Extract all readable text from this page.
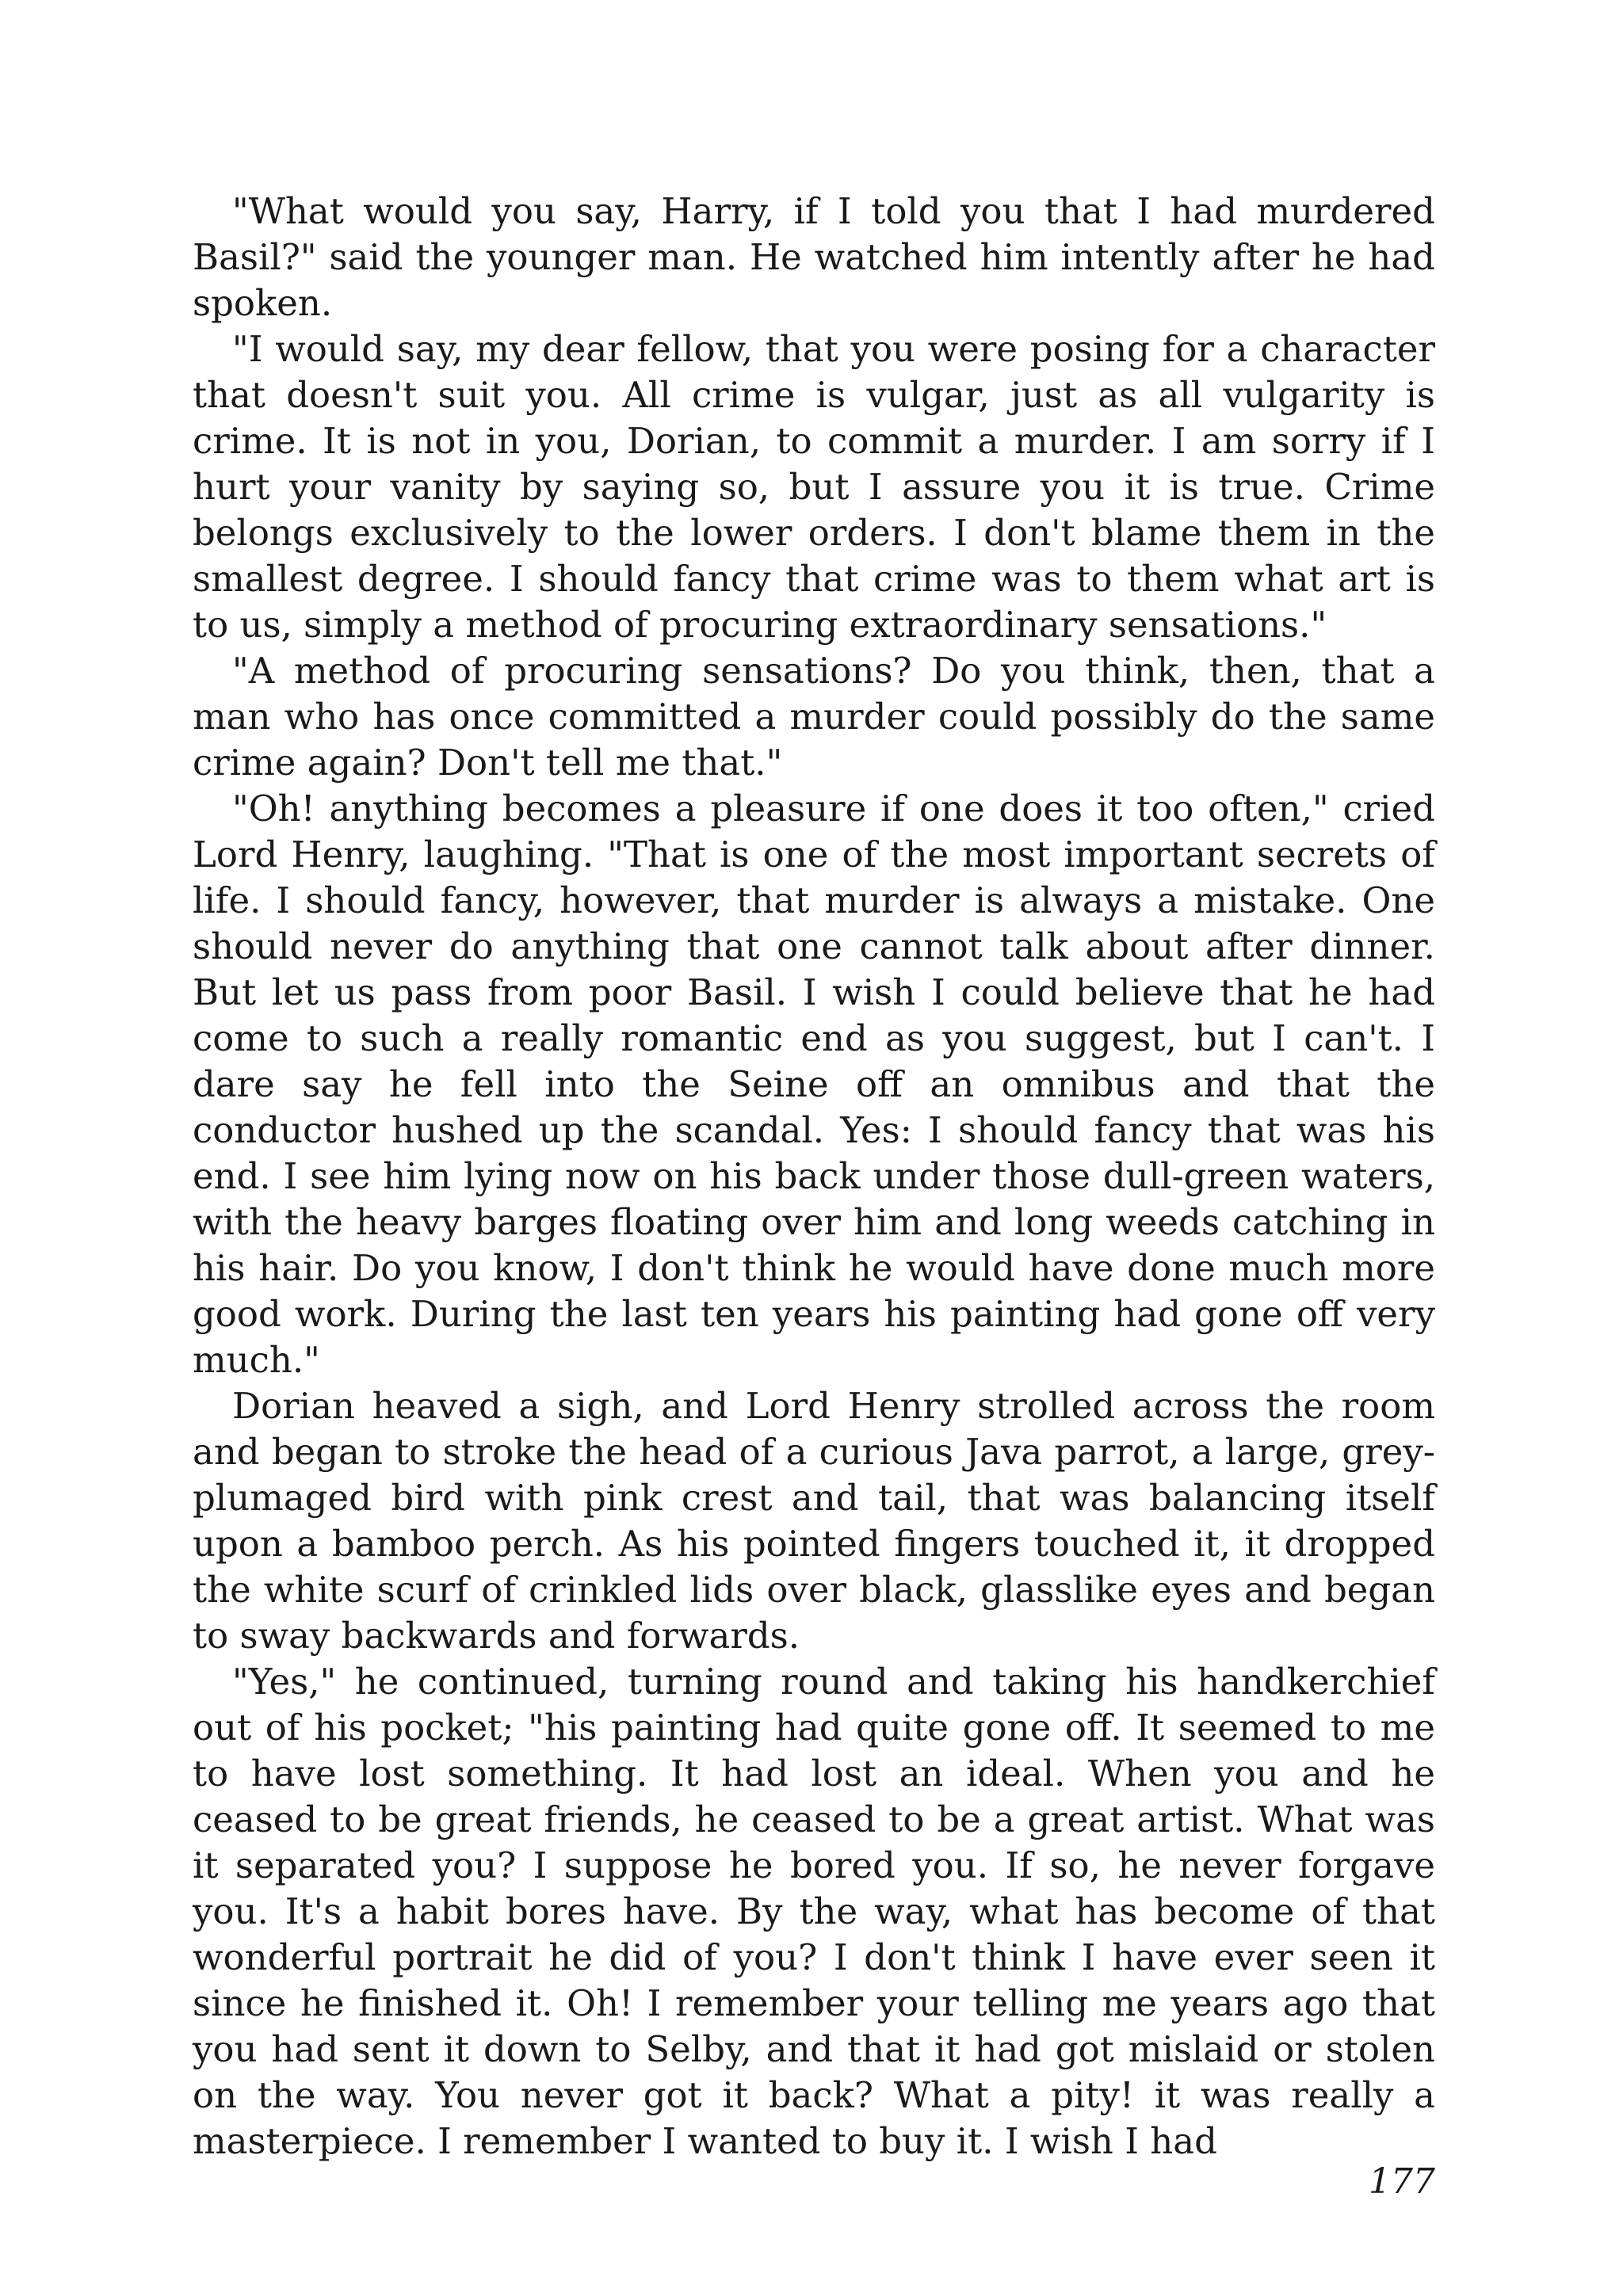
"What would you say, Harry, if I told you that I had murdered Basil?" said the younger man. He watched him intently after he had spoken.

"I would say, my dear fellow, that you were posing for a character that doesn't suit you. All crime is vulgar, just as all vulgarity is crime. It is not in you, Dorian, to commit a murder. I am sorry if I hurt your vanity by saying so, but I assure you it is true. Crime belongs exclusively to the lower orders. I don't blame them in the smallest degree. I should fancy that crime was to them what art is to us, simply a method of procuring extraordinary sensations."

"A method of procuring sensations? Do you think, then, that a man who has once committed a murder could possibly do the same crime again? Don't tell me that."

"Oh! anything becomes a pleasure if one does it too often," cried Lord Henry, laughing. "That is one of the most important secrets of life. I should fancy, however, that murder is always a mistake. One should never do anything that one cannot talk about after dinner. But let us pass from poor Basil. I wish I could believe that he had come to such a really romantic end as you suggest, but I can't. I dare say he fell into the Seine off an omnibus and that the conductor hushed up the scandal. Yes: I should fancy that was his end. I see him lying now on his back under those dull-green waters, with the heavy barges floating over him and long weeds catching in his hair. Do you know, I don't think he would have done much more good work. During the last ten years his painting had gone off very much."

Dorian heaved a sigh, and Lord Henry strolled across the room and began to stroke the head of a curious Java parrot, a large, grey-plumaged bird with pink crest and tail, that was balancing itself upon a bamboo perch. As his pointed fingers touched it, it dropped the white scurf of crinkled lids over black, glasslike eyes and began to sway backwards and forwards.

"Yes," he continued, turning round and taking his handkerchief out of his pocket; "his painting had quite gone off. It seemed to me to have lost something. It had lost an ideal. When you and he ceased to be great friends, he ceased to be a great artist. What was it separated you? I suppose he bored you. If so, he never forgave you. It's a habit bores have. By the way, what has become of that wonderful portrait he did of you? I don't think I have ever seen it since he finished it. Oh! I remember your telling me years ago that you had sent it down to Selby, and that it had got mislaid or stolen on the way. You never got it back? What a pity! it was really a masterpiece. I remember I wanted to buy it. I wish I had

177
